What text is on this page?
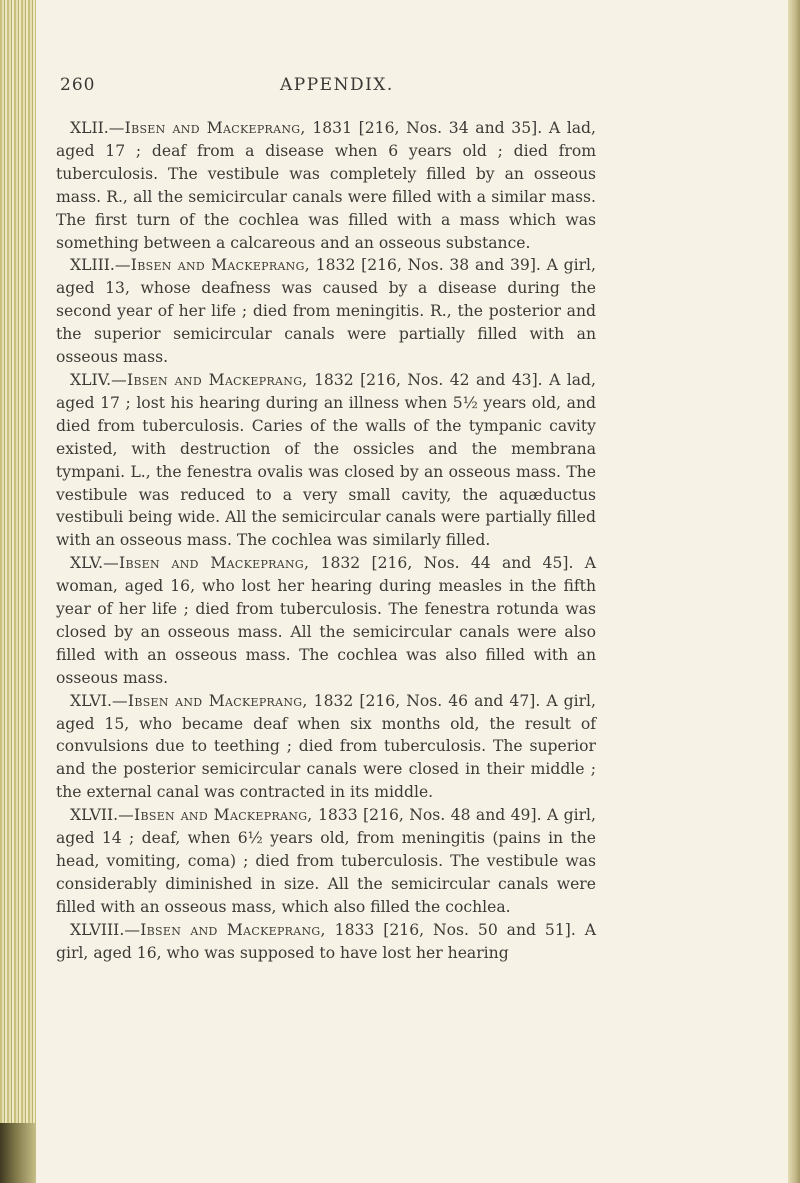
260	APPENDIX.

XLII.—Ibsen and Mackeprang, 1831 [216, Nos. 34 and 35]. A lad, aged 17 ; deaf from a disease when 6 years old ; died from tuberculosis. The vestibule was completely filled by an osseous mass. R., all the semicircular canals were filled with a similar mass. The first turn of the cochlea was filled with a mass which was something between a calcareous and an osseous substance.

XLIII.—Ibsen and Mackeprang, 1832 [216, Nos. 38 and 39]. A girl, aged 13, whose deafness was caused by a disease during the second year of her life ; died from meningitis. R., the posterior and the superior semicircular canals were partially filled with an osseous mass.

XLIV.—Ibsen and Mackeprang, 1832 [216, Nos. 42 and 43]. A lad, aged 17 ; lost his hearing during an illness when 5½ years old, and died from tuberculosis. Caries of the walls of the tympanic cavity existed, with destruction of the ossicles and the membrana tympani. L., the fenestra ovalis was closed by an osseous mass. The vestibule was reduced to a very small cavity, the aquæductus vestibuli being wide. All the semicircular canals were partially filled with an osseous mass. The cochlea was similarly filled.

XLV.—Ibsen and Mackeprang, 1832 [216, Nos. 44 and 45]. A woman, aged 16, who lost her hearing during measles in the fifth year of her life ; died from tuberculosis. The fenestra rotunda was closed by an osseous mass. All the semicircular canals were also filled with an osseous mass. The cochlea was also filled with an osseous mass.

XLVI.—Ibsen and Mackeprang, 1832 [216, Nos. 46 and 47]. A girl, aged 15, who became deaf when six months old, the result of convulsions due to teething ; died from tuberculosis. The superior and the posterior semicircular canals were closed in their middle ; the external canal was contracted in its middle.

XLVII.—Ibsen and Mackeprang, 1833 [216, Nos. 48 and 49]. A girl, aged 14 ; deaf, when 6½ years old, from meningitis (pains in the head, vomiting, coma) ; died from tuberculosis. The vestibule was considerably diminished in size. All the semicircular canals were filled with an osseous mass, which also filled the cochlea.

XLVIII.—Ibsen and Mackeprang, 1833 [216, Nos. 50 and 51]. A girl, aged 16, who was supposed to have lost her hearing
